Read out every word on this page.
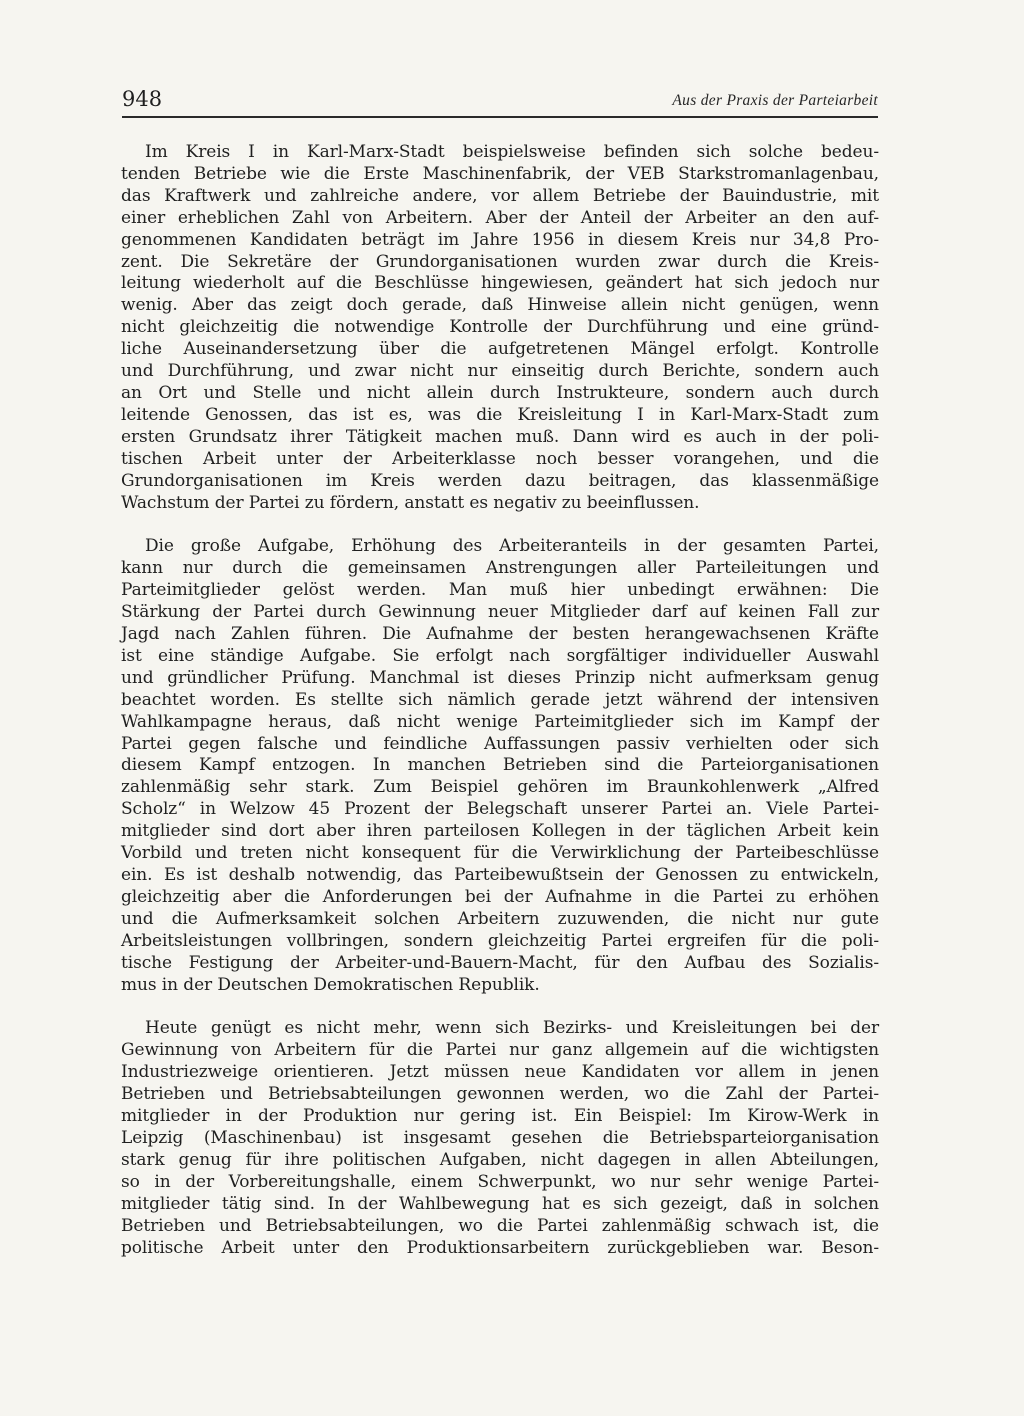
948	Aus der Praxis der Parteiarbeit
Im Kreis I in Karl-Marx-Stadt beispielsweise befinden sich solche bedeu-
tenden Betriebe wie die Erste Maschinenfabrik, der VEB Starkstromanlagenbau,
das Kraftwerk und zahlreiche andere, vor allem Betriebe der Bauindustrie, mit
einer erheblichen Zahl von Arbeitern. Aber der Anteil der Arbeiter an den auf-
genommenen Kandidaten beträgt im Jahre 1956 in diesem Kreis nur 34,8 Pro-
zent. Die Sekretäre der Grundorganisationen wurden zwar durch die Kreis-
leitung wiederholt auf die Beschlüsse hingewiesen, geändert hat sich jedoch nur
wenig. Aber das zeigt doch gerade, daß Hinweise allein nicht genügen, wenn
nicht gleichzeitig die notwendige Kontrolle der Durchführung und eine gründ-
liche Auseinandersetzung über die aufgetretenen Mängel erfolgt. Kontrolle
und Durchführung, und zwar nicht nur einseitig durch Berichte, sondern auch
an Ort und Stelle und nicht allein durch Instrukteure, sondern auch durch
leitende Genossen, das ist es, was die Kreisleitung I in Karl-Marx-Stadt zum
ersten Grundsatz ihrer Tätigkeit machen muß. Dann wird es auch in der poli-
tischen Arbeit unter der Arbeiterklasse noch besser vorangehen, und die
Grundorganisationen im Kreis werden dazu beitragen, das klassenmäßige
Wachstum der Partei zu fördern, anstatt es negativ zu beeinflussen.
Die große Aufgabe, Erhöhung des Arbeiteranteils in der gesamten Partei,
kann nur durch die gemeinsamen Anstrengungen aller Parteileitungen und
Parteimitglieder gelöst werden. Man muß hier unbedingt erwähnen: Die
Stärkung der Partei durch Gewinnung neuer Mitglieder darf auf keinen Fall zur
Jagd nach Zahlen führen. Die Aufnahme der besten herangewachsenen Kräfte
ist eine ständige Aufgabe. Sie erfolgt nach sorgfältiger individueller Auswahl
und gründlicher Prüfung. Manchmal ist dieses Prinzip nicht aufmerksam genug
beachtet worden. Es stellte sich nämlich gerade jetzt während der intensiven
Wahlkampagne heraus, daß nicht wenige Parteimitglieder sich im Kampf der
Partei gegen falsche und feindliche Auffassungen passiv verhielten oder sich
diesem Kampf entzogen. In manchen Betrieben sind die Parteiorganisationen
zahlenmäßig sehr stark. Zum Beispiel gehören im Braunkohlenwerk „Alfred
Scholz“ in Welzow 45 Prozent der Belegschaft unserer Partei an. Viele Partei-
mitglieder sind dort aber ihren parteilosen Kollegen in der täglichen Arbeit kein
Vorbild und treten nicht konsequent für die Verwirklichung der Parteibeschlüsse
ein. Es ist deshalb notwendig, das Parteibewußtsein der Genossen zu entwickeln,
gleichzeitig aber die Anforderungen bei der Aufnahme in die Partei zu erhöhen
und die Aufmerksamkeit solchen Arbeitern zuzuwenden, die nicht nur gute
Arbeitsleistungen vollbringen, sondern gleichzeitig Partei ergreifen für die poli-
tische Festigung der Arbeiter-und-Bauern-Macht, für den Aufbau des Sozialis-
mus in der Deutschen Demokratischen Republik.
Heute genügt es nicht mehr, wenn sich Bezirks- und Kreisleitungen bei der
Gewinnung von Arbeitern für die Partei nur ganz allgemein auf die wichtigsten
Industriezweige orientieren. Jetzt müssen neue Kandidaten vor allem in jenen
Betrieben und Betriebsabteilungen gewonnen werden, wo die Zahl der Partei-
mitglieder in der Produktion nur gering ist. Ein Beispiel: Im Kirow-Werk in
Leipzig (Maschinenbau) ist insgesamt gesehen die Betriebsparteiorganisation
stark genug für ihre politischen Aufgaben, nicht dagegen in allen Abteilungen,
so in der Vorbereitungshalle, einem Schwerpunkt, wo nur sehr wenige Partei-
mitglieder tätig sind. In der Wahlbewegung hat es sich gezeigt, daß in solchen
Betrieben und Betriebsabteilungen, wo die Partei zahlenmäßig schwach ist, die
politische Arbeit unter den Produktionsarbeitern zurückgeblieben war. Beson-
